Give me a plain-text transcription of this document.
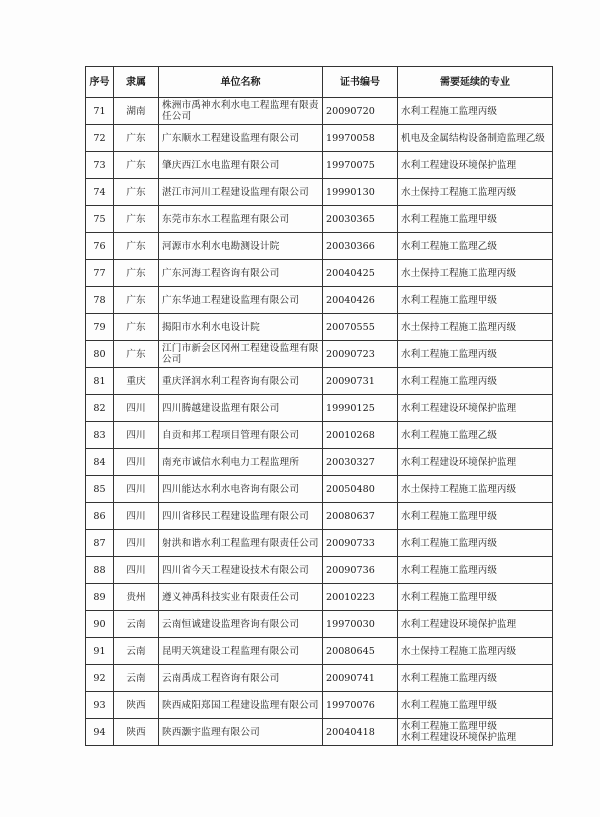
序号	隶属	单位名称	证书编号	需要延续的专业
71	湖南	株洲市禹神水利水电工程监理有限责任公司	20090720	水利工程施工监理丙级

72	广东	广东顺水工程建设监理有限公司	19970058	机电及金属结构设备制造监理乙级

73	广东	肇庆西江水电监理有限公司	19970075	水利工程建设环境保护监理

74	广东	湛江市河川工程建设监理有限公司	19990130	水土保持工程施工监理丙级

75	广东	东莞市东水工程监理有限公司	20030365	水利工程施工监理甲级

76	广东	河源市水利水电勘测设计院	20030366	水利工程施工监理乙级

77	广东	广东河海工程咨询有限公司	20040425	水土保持工程施工监理丙级

78	广东	广东华迪工程建设监理有限公司	20040426	水利工程施工监理甲级

79	广东	揭阳市水利水电设计院	20070555	水土保持工程施工监理丙级

80	广东	江门市新会区冈州工程建设监理有限公司	20090723	水利工程施工监理丙级

81	重庆	重庆泽润水利工程咨询有限公司	20090731	水利工程施工监理丙级

82	四川	四川腾越建设监理有限公司	19990125	水利工程建设环境保护监理

83	四川	自贡和邦工程项目管理有限公司	20010268	水利工程施工监理乙级

84	四川	南充市诚信水利电力工程监理所	20030327	水利工程建设环境保护监理

85	四川	四川能达水利水电咨询有限公司	20050480	水土保持工程施工监理丙级

86	四川	四川省移民工程建设监理有限公司	20080637	水利工程施工监理甲级

87	四川	射洪和谐水利工程监理有限责任公司	20090733	水利工程施工监理丙级

88	四川	四川省今天工程建设技术有限公司	20090736	水利工程施工监理丙级

89	贵州	遵义神禹科技实业有限责任公司	20010223	水利工程施工监理甲级

90	云南	云南恒诚建设监理咨询有限公司	19970030	水利工程建设环境保护监理

91	云南	昆明天筑建设工程监理有限公司	20080645	水土保持工程施工监理丙级

92	云南	云南禹成工程咨询有限公司	20090741	水利工程施工监理丙级

93	陕西	陕西咸阳郑国工程建设监理有限公司	19970076	水利工程施工监理甲级

94	陕西	陕西灏宇监理有限公司	20040418	水利工程施工监理甲级
水利工程建设环境保护监理
